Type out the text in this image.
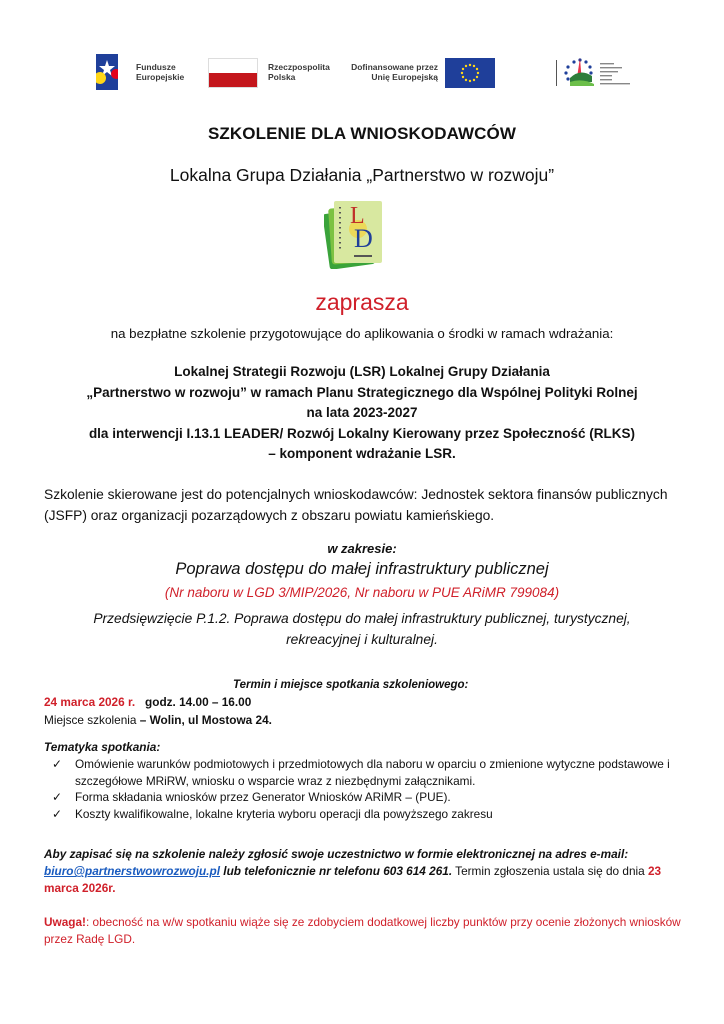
Fundusze
Europejskie
Rzeczpospolita
Polska
Dofinansowane przez
Unię Europejską
SZKOLENIE DLA WNIOSKODAWCÓW
Lokalna Grupa Działania „Partnerstwo w rozwoju”
L
D
zaprasza
na bezpłatne szkolenie przygotowujące do aplikowania o środki w ramach wdrażania:
Lokalnej Strategii Rozwoju (LSR) Lokalnej Grupy Działania
„Partnerstwo w rozwoju” w ramach Planu Strategicznego dla Wspólnej Polityki Rolnej
na lata 2023-2027
dla interwencji I.13.1 LEADER/ Rozwój Lokalny Kierowany przez Społeczność (RLKS)
– komponent wdrażanie LSR.
Szkolenie skierowane jest do potencjalnych wnioskodawców: Jednostek sektora finansów publicznych (JSFP) oraz organizacji pozarządowych z obszaru powiatu kamieńskiego.
w zakresie:
Poprawa dostępu do małej infrastruktury publicznej
(Nr naboru w LGD 3/MIP/2026, Nr naboru w PUE ARiMR 799084)
Przedsięwzięcie P.1.2. Poprawa dostępu do małej infrastruktury publicznej, turystycznej,
rekreacyjnej i kulturalnej.
Termin i miejsce spotkania szkoleniowego:
24 marca 2026 r. godz. 14.00 – 16.00
Miejsce szkolenia – Wolin, ul Mostowa 24.
Tematyka spotkania:
✓ Omówienie warunków podmiotowych i przedmiotowych dla naboru w oparciu o zmienione wytyczne podstawowe i szczegółowe MRiRW, wniosku o wsparcie wraz z niezbędnymi załącznikami.
✓ Forma składania wniosków przez Generator Wniosków ARiMR – (PUE).
✓ Koszty kwalifikowalne, lokalne kryteria wyboru operacji dla powyższego zakresu
Aby zapisać się na szkolenie należy zgłosić swoje uczestnictwo w formie elektronicznej na adres e-mail:
biuro@partnerstwowrozwoju.pl lub telefonicznie nr telefonu 603 614 261. Termin zgłoszenia ustala się do dnia 23 marca 2026r.
Uwaga!: obecność na w/w spotkaniu wiąże się ze zdobyciem dodatkowej liczby punktów przy ocenie złożonych wniosków przez Radę LGD.
